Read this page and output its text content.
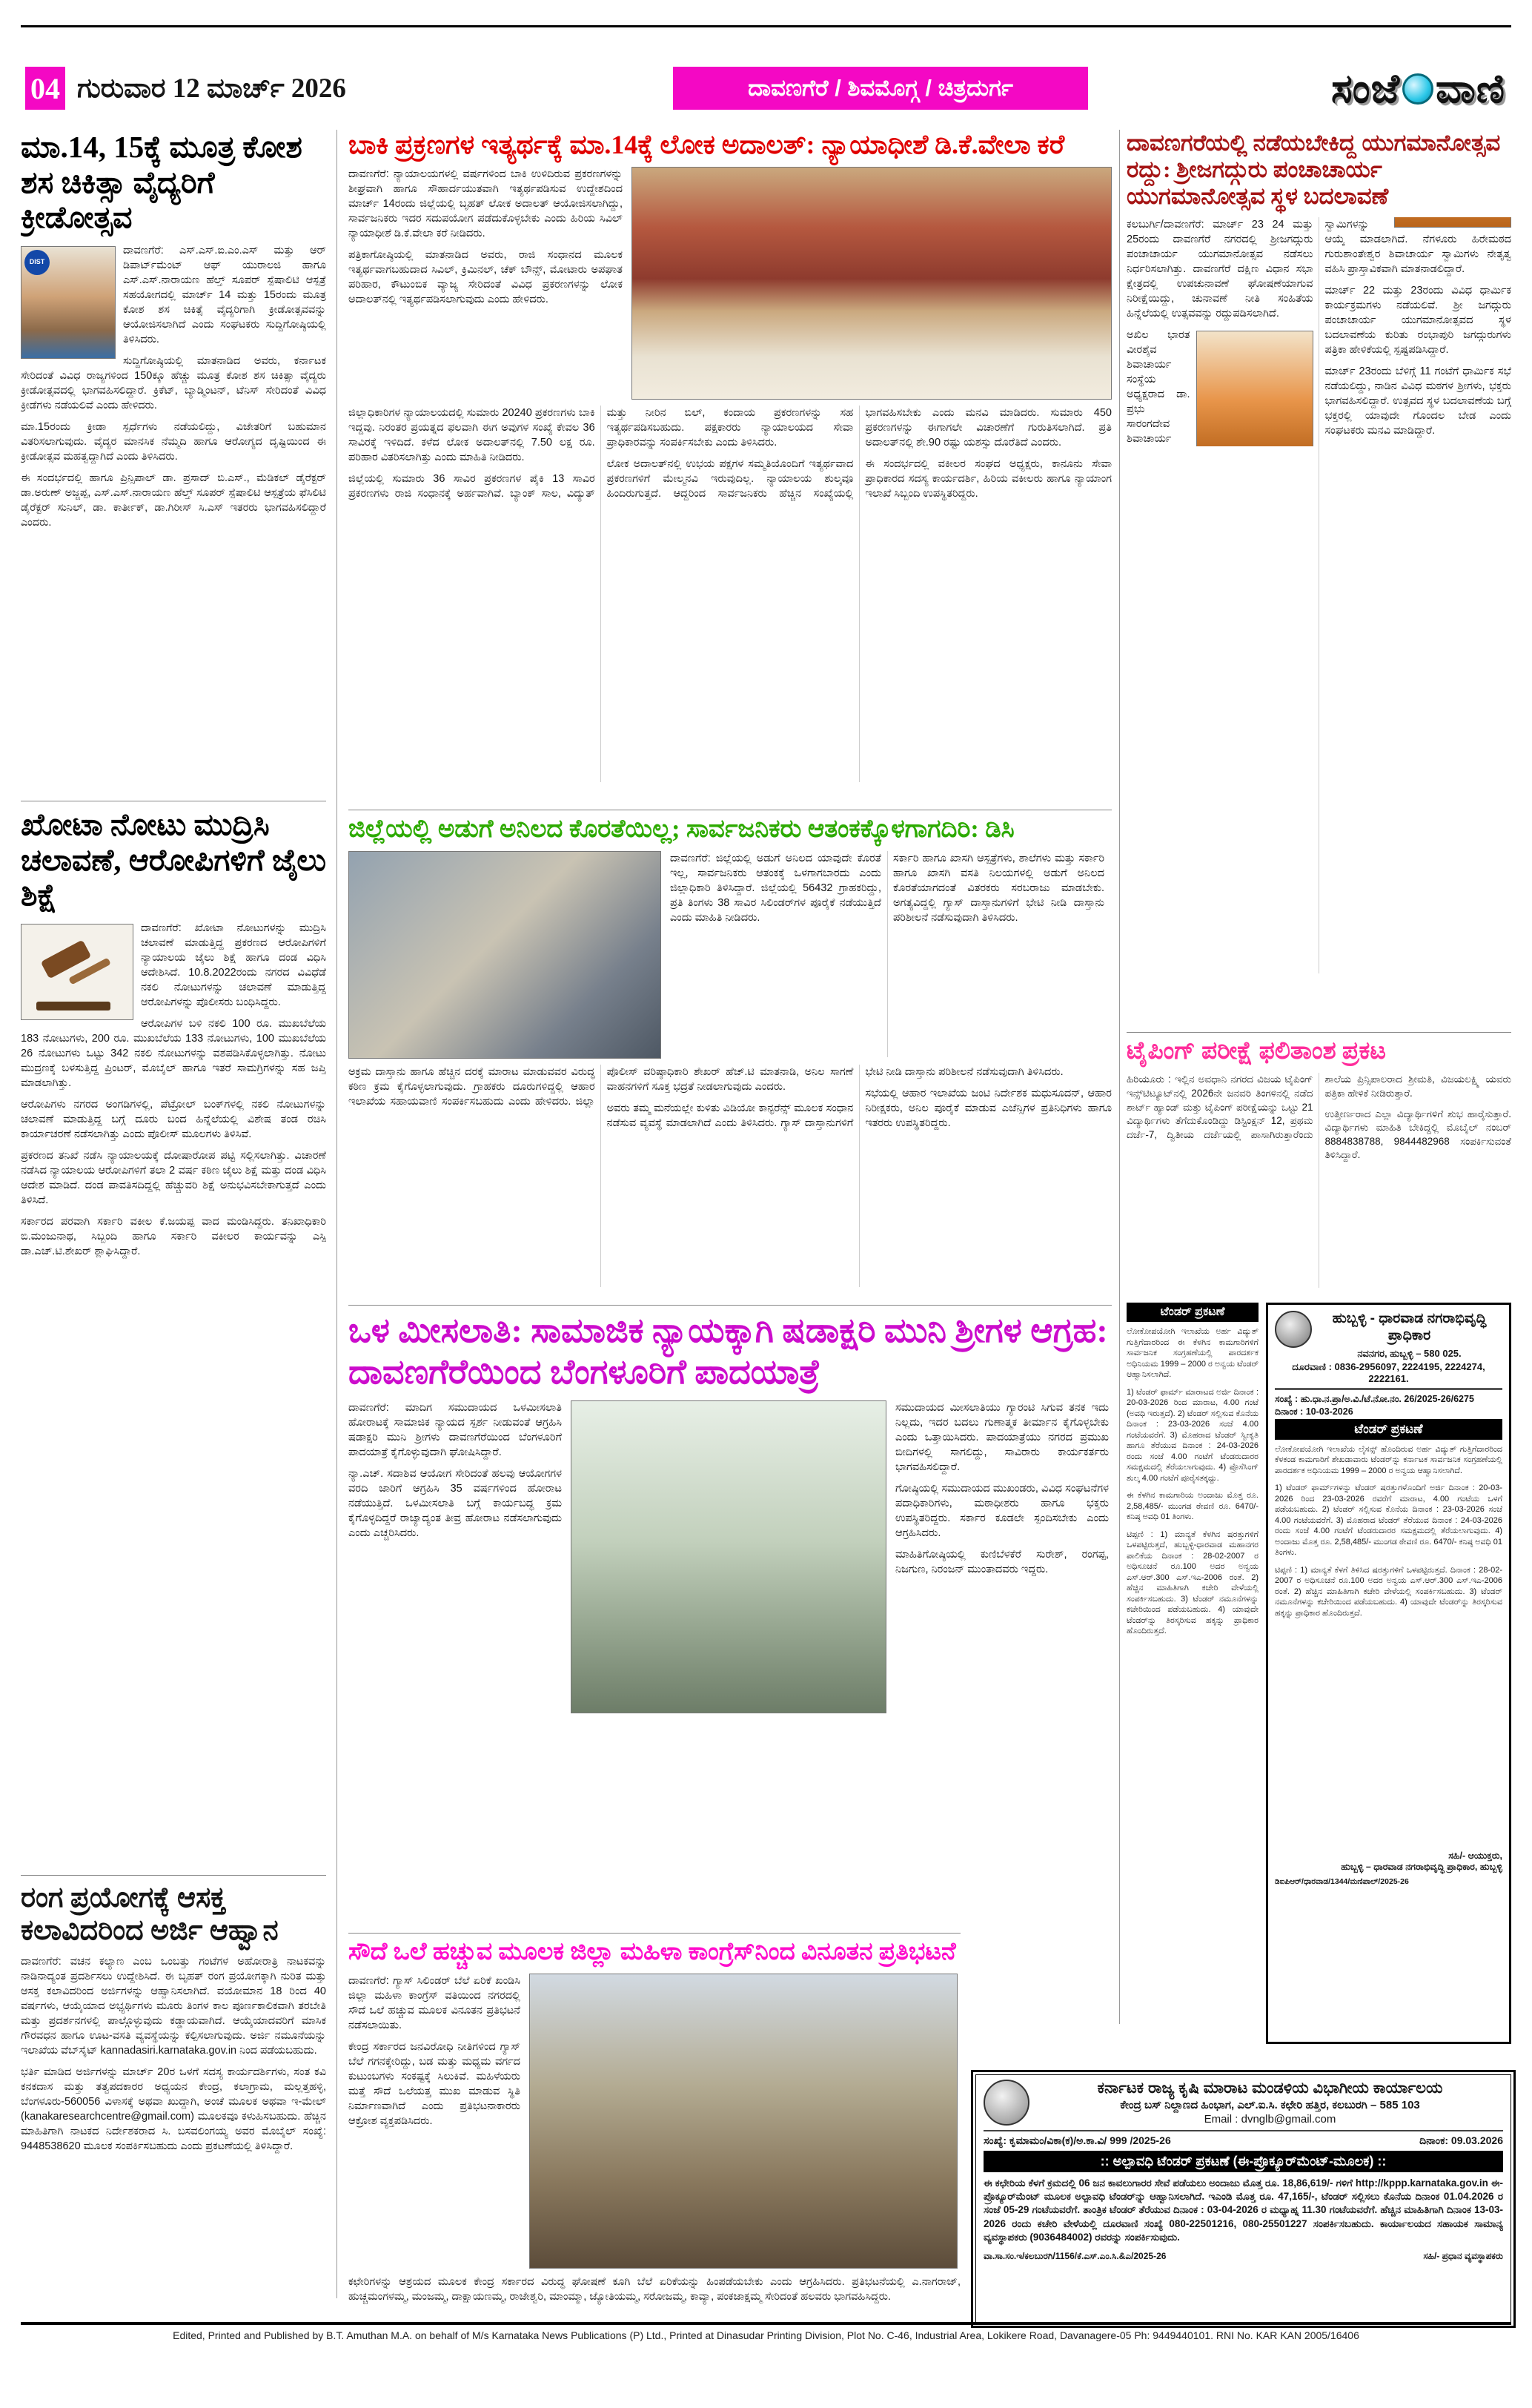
04 ಗುರುವಾರ 12 ಮಾರ್ಚ್ 2026	ದಾವಣಗೆರೆ / ಶಿವಮೊಗ್ಗ / ಚಿತ್ರದುರ್ಗ	ಸಂಜೆ ವಾಣಿ
ಮಾ.14, 15ಕ್ಕೆ ಮೂತ್ರ ಕೋಶ ಶಸ ಚಿಕಿತ್ಸಾ ವೈದ್ಯರಿಗೆ ಕ್ರೀಡೋತ್ಸವ
DIST

ದಾವಣಗೆರೆ: ಎಸ್.ಎಸ್.ಐ.ಎಂ.ಎಸ್ ಮತ್ತು ಆರ್ ಡಿಪಾರ್ಟ್‌ಮೆಂಟ್ ಆಫ್ ಯುರಾಲಜಿ ಹಾಗೂ ಎಸ್.ಎಸ್.ನಾರಾಯಣ ಹೆಲ್ತ್ ಸೂಪರ್ ಸ್ಪೆಷಾಲಿಟಿ ಆಸ್ಪತ್ರೆ ಸಹಯೋಗದಲ್ಲಿ ಮಾರ್ಚ್ 14 ಮತ್ತು 15ರಂದು ಮೂತ್ರ ಕೋಶ ಶಸ ಚಿಕಿತ್ಸೆ ವೈದ್ಯರಿಗಾಗಿ ಕ್ರೀಡೋತ್ಸವವನ್ನು ಆಯೋಜಿಸಲಾಗಿದೆ ಎಂದು ಸಂಘಟಕರು ಸುದ್ದಿಗೋಷ್ಠಿಯಲ್ಲಿ ತಿಳಿಸಿದರು.

ಸುದ್ದಿಗೋಷ್ಠಿಯಲ್ಲಿ ಮಾತನಾಡಿದ ಅವರು, ಕರ್ನಾಟಕ ಸೇರಿದಂತೆ ವಿವಿಧ ರಾಜ್ಯಗಳಿಂದ 150ಕ್ಕೂ ಹೆಚ್ಚು ಮೂತ್ರ ಕೋಶ ಶಸ ಚಿಕಿತ್ಸಾ ವೈದ್ಯರು ಕ್ರೀಡೋತ್ಸವದಲ್ಲಿ ಭಾಗವಹಿಸಲಿದ್ದಾರೆ. ಕ್ರಿಕೆಟ್, ಬ್ಯಾಡ್ಮಿಂಟನ್, ಟೆನಿಸ್ ಸೇರಿದಂತೆ ವಿವಿಧ ಕ್ರೀಡೆಗಳು ನಡೆಯಲಿವೆ ಎಂದು ಹೇಳಿದರು.

ಮಾ.15ರಂದು ಕ್ರೀಡಾ ಸ್ಪರ್ಧೆಗಳು ನಡೆಯಲಿದ್ದು, ವಿಜೇತರಿಗೆ ಬಹುಮಾನ ವಿತರಿಸಲಾಗುವುದು. ವೈದ್ಯರ ಮಾನಸಿಕ ನೆಮ್ಮದಿ ಹಾಗೂ ಆರೋಗ್ಯದ ದೃಷ್ಟಿಯಿಂದ ಈ ಕ್ರೀಡೋತ್ಸವ ಮಹತ್ವದ್ದಾಗಿದೆ ಎಂದು ತಿಳಿಸಿದರು.

ಈ ಸಂದರ್ಭದಲ್ಲಿ ಹಾಗೂ ಪ್ರಿನ್ಸಿಪಾಲ್ ಡಾ. ಪ್ರಸಾದ್ ಬಿ.ಎಸ್., ಮೆಡಿಕಲ್ ಡೈರೆಕ್ಟರ್ ಡಾ.ಅರುಣ್ ಅಜ್ಜಪ್ಪ, ಎಸ್.ಎಸ್.ನಾರಾಯಣ ಹೆಲ್ತ್ ಸೂಪರ್ ಸ್ಪೆಷಾಲಿಟಿ ಆಸ್ಪತ್ರೆಯ ಫೆಸಿಲಿಟಿ ಡೈರೆಕ್ಟರ್ ಸುನಿಲ್, ಡಾ. ಕಾರ್ತೀಕ್, ಡಾ.ಗಿರೀಸ್ ಸಿ.ಎಸ್ ಇತರರು ಭಾಗವಹಿಸಲಿದ್ದಾರೆ ಎಂದರು.

ಖೋಟಾ ನೋಟು ಮುದ್ರಿಸಿ ಚಲಾವಣೆ, ಆರೋಪಿಗಳಿಗೆ ಜೈಲು ಶಿಕ್ಷೆ

ದಾವಣಗೆರೆ: ಖೋಟಾ ನೋಟುಗಳನ್ನು ಮುದ್ರಿಸಿ ಚಲಾವಣೆ ಮಾಡುತ್ತಿದ್ದ ಪ್ರಕರಣದ ಆರೋಪಿಗಳಿಗೆ ನ್ಯಾಯಾಲಯ ಜೈಲು ಶಿಕ್ಷೆ ಹಾಗೂ ದಂಡ ವಿಧಿಸಿ ಆದೇಶಿಸಿದೆ. 10.8.2022ರಂದು ನಗರದ ವಿವಿಧೆಡೆ ನಕಲಿ ನೋಟುಗಳನ್ನು ಚಲಾವಣೆ ಮಾಡುತ್ತಿದ್ದ ಆರೋಪಿಗಳನ್ನು ಪೊಲೀಸರು ಬಂಧಿಸಿದ್ದರು.

ಆರೋಪಿಗಳ ಬಳಿ ನಕಲಿ 100 ರೂ. ಮುಖಬೆಲೆಯ 183 ನೋಟುಗಳು, 200 ರೂ. ಮುಖಬೆಲೆಯ 133 ನೋಟುಗಳು, 100 ಮುಖಬೆಲೆಯ 26 ನೋಟುಗಳು ಒಟ್ಟು 342 ನಕಲಿ ನೋಟುಗಳನ್ನು ವಶಪಡಿಸಿಕೊಳ್ಳಲಾಗಿತ್ತು. ನೋಟು ಮುದ್ರಣಕ್ಕೆ ಬಳಸುತ್ತಿದ್ದ ಪ್ರಿಂಟರ್, ಮೊಬೈಲ್ ಹಾಗೂ ಇತರೆ ಸಾಮಗ್ರಿಗಳನ್ನು ಸಹ ಜಪ್ತಿ ಮಾಡಲಾಗಿತ್ತು.

ಆರೋಪಿಗಳು ನಗರದ ಅಂಗಡಿಗಳಲ್ಲಿ, ಪೆಟ್ರೋಲ್ ಬಂಕ್‌ಗಳಲ್ಲಿ ನಕಲಿ ನೋಟುಗಳನ್ನು ಚಲಾವಣೆ ಮಾಡುತ್ತಿದ್ದ ಬಗ್ಗೆ ದೂರು ಬಂದ ಹಿನ್ನೆಲೆಯಲ್ಲಿ ವಿಶೇಷ ತಂಡ ರಚಿಸಿ ಕಾರ್ಯಾಚರಣೆ ನಡೆಸಲಾಗಿತ್ತು ಎಂದು ಪೊಲೀಸ್ ಮೂಲಗಳು ತಿಳಿಸಿವೆ.

ಪ್ರಕರಣದ ತನಿಖೆ ನಡೆಸಿ ನ್ಯಾಯಾಲಯಕ್ಕೆ ದೋಷಾರೋಪ ಪಟ್ಟಿ ಸಲ್ಲಿಸಲಾಗಿತ್ತು. ವಿಚಾರಣೆ ನಡೆಸಿದ ನ್ಯಾಯಾಲಯ ಆರೋಪಿಗಳಿಗೆ ತಲಾ 2 ವರ್ಷ ಕಠಿಣ ಜೈಲು ಶಿಕ್ಷೆ ಮತ್ತು ದಂಡ ವಿಧಿಸಿ ಆದೇಶ ಮಾಡಿದೆ. ದಂಡ ಪಾವತಿಸದಿದ್ದಲ್ಲಿ ಹೆಚ್ಚುವರಿ ಶಿಕ್ಷೆ ಅನುಭವಿಸಬೇಕಾಗುತ್ತದೆ ಎಂದು ತಿಳಿಸಿದೆ.

ಸರ್ಕಾರದ ಪರವಾಗಿ ಸರ್ಕಾರಿ ವಕೀಲ ಕೆ.ಜಯಪ್ಪ ವಾದ ಮಂಡಿಸಿದ್ದರು. ತನಿಖಾಧಿಕಾರಿ ಬಿ.ಮಂಜುನಾಥ, ಸಿಬ್ಬಂದಿ ಹಾಗೂ ಸರ್ಕಾರಿ ವಕೀಲರ ಕಾರ್ಯವನ್ನು ಎಸ್ಪಿ ಡಾ.ಎಚ್.ಟಿ.ಶೇಖರ್ ಶ್ಲಾಘಿಸಿದ್ದಾರೆ.

ರಂಗ ಪ್ರಯೋಗಕ್ಕೆ ಆಸಕ್ತ ಕಲಾವಿದರಿಂದ ಅರ್ಜಿ ಆಹ್ವಾನ

ದಾವಣಗೆರೆ: ವಚನ ಕಲ್ಯಾಣ ಎಂಬ ಒಂಬತ್ತು ಗಂಟೆಗಳ ಅಹೋರಾತ್ರಿ ನಾಟಕವನ್ನು ನಾಡಿನಾದ್ಯಂತ ಪ್ರದರ್ಶಿಸಲು ಉದ್ದೇಶಿಸಿದೆ. ಈ ಬೃಹತ್ ರಂಗ ಪ್ರಯೋಗಕ್ಕಾಗಿ ನುರಿತ ಮತ್ತು ಆಸಕ್ತ ಕಲಾವಿದರಿಂದ ಅರ್ಜಿಗಳನ್ನು ಆಹ್ವಾನಿಸಲಾಗಿದೆ. ವಯೋಮಾನ 18 ರಿಂದ 40 ವರ್ಷಗಳು, ಆಯ್ಕೆಯಾದ ಅಭ್ಯರ್ಥಿಗಳು ಮೂರು ತಿಂಗಳ ಕಾಲ ಪೂರ್ಣಕಾಲಿಕವಾಗಿ ತರಬೇತಿ ಮತ್ತು ಪ್ರದರ್ಶನಗಳಲ್ಲಿ ಪಾಲ್ಗೊಳ್ಳುವುದು ಕಡ್ಡಾಯವಾಗಿದೆ. ಆಯ್ಕೆಯಾದವರಿಗೆ ಮಾಸಿಕ ಗೌರವಧನ ಹಾಗೂ ಊಟ-ವಸತಿ ವ್ಯವಸ್ಥೆಯನ್ನು ಕಲ್ಪಿಸಲಾಗುವುದು. ಅರ್ಜಿ ನಮೂನೆಯನ್ನು ಇಲಾಖೆಯ ವೆಬ್‌ಸೈಟ್ kannadasiri.karnataka.gov.in ನಿಂದ ಪಡೆಯಬಹುದು.

ಭರ್ತಿ ಮಾಡಿದ ಅರ್ಜಿಗಳನ್ನು ಮಾರ್ಚ್ 20ರ ಒಳಗೆ ಸದಸ್ಯ ಕಾರ್ಯದರ್ಶಿಗಳು, ಸಂತ ಕವಿ ಕನಕದಾಸ ಮತ್ತು ತತ್ವಪದಕಾರರ ಅಧ್ಯಯನ ಕೇಂದ್ರ, ಕಲಾಗ್ರಾಮ, ಮಲ್ಲತ್ತಹಳ್ಳಿ, ಬೆಂಗಳೂರು-560056 ವಿಳಾಸಕ್ಕೆ ಅಥವಾ ಖುದ್ದಾಗಿ, ಅಂಚೆ ಮೂಲಕ ಅಥವಾ ಇ-ಮೇಲ್ (kanakaresearchcentre@gmail.com) ಮೂಲಕವೂ ಕಳುಹಿಸಬಹುದು. ಹೆಚ್ಚಿನ ಮಾಹಿತಿಗಾಗಿ ನಾಟಕದ ನಿರ್ದೇಶಕರಾದ ಸಿ. ಬಸವಲಿಂಗಯ್ಯ ಅವರ ಮೊಬೈಲ್ ಸಂಖ್ಯೆ: 9448538620 ಮೂಲಕ ಸಂಪರ್ಕಿಸಬಹುದು ಎಂದು ಪ್ರಕಟಣೆಯಲ್ಲಿ ತಿಳಿಸಿದ್ದಾರೆ.

ಬಾಕಿ ಪ್ರಕ್ರಣಗಳ ಇತ್ಯರ್ಥಕ್ಕೆ ಮಾ.14ಕ್ಕೆ ಲೋಕ ಅದಾಲತ್: ನ್ಯಾಯಾಧೀಶೆ ಡಿ.ಕೆ.ವೇಲಾ ಕರೆ

ದಾವಣಗೆರೆ: ನ್ಯಾಯಾಲಯಗಳಲ್ಲಿ ವರ್ಷಗಳಿಂದ ಬಾಕಿ ಉಳಿದಿರುವ ಪ್ರಕರಣಗಳನ್ನು ಶೀಘ್ರವಾಗಿ ಹಾಗೂ ಸೌಹಾರ್ದಯುತವಾಗಿ ಇತ್ಯರ್ಥಪಡಿಸುವ ಉದ್ದೇಶದಿಂದ ಮಾರ್ಚ್ 14ರಂದು ಜಿಲ್ಲೆಯಲ್ಲಿ ಬೃಹತ್ ಲೋಕ ಅದಾಲತ್ ಆಯೋಜಿಸಲಾಗಿದ್ದು, ಸಾರ್ವಜನಿಕರು ಇದರ ಸದುಪಯೋಗ ಪಡೆದುಕೊಳ್ಳಬೇಕು ಎಂದು ಹಿರಿಯ ಸಿವಿಲ್ ನ್ಯಾಯಾಧೀಶೆ ಡಿ.ಕೆ.ವೇಲಾ ಕರೆ ನೀಡಿದರು.

ಪತ್ರಿಕಾಗೋಷ್ಠಿಯಲ್ಲಿ ಮಾತನಾಡಿದ ಅವರು, ರಾಜಿ ಸಂಧಾನದ ಮೂಲಕ ಇತ್ಯರ್ಥವಾಗಬಹುದಾದ ಸಿವಿಲ್, ಕ್ರಿಮಿನಲ್, ಚೆಕ್ ಬೌನ್ಸ್, ಮೋಟಾರು ಅಪಘಾತ ಪರಿಹಾರ, ಕೌಟುಂಬಿಕ ವ್ಯಾಜ್ಯ ಸೇರಿದಂತೆ ವಿವಿಧ ಪ್ರಕರಣಗಳನ್ನು ಲೋಕ ಅದಾಲತ್‌ನಲ್ಲಿ ಇತ್ಯರ್ಥಪಡಿಸಲಾಗುವುದು ಎಂದು ಹೇಳಿದರು.

ಜಿಲ್ಲಾಧಿಕಾರಿಗಳ ನ್ಯಾಯಾಲಯದಲ್ಲಿ ಸುಮಾರು 20240 ಪ್ರಕರಣಗಳು ಬಾಕಿ ಇದ್ದವು. ನಿರಂತರ ಪ್ರಯತ್ನದ ಫಲವಾಗಿ ಈಗ ಅವುಗಳ ಸಂಖ್ಯೆ ಕೇವಲ 36 ಸಾವಿರಕ್ಕೆ ಇಳಿದಿದೆ. ಕಳೆದ ಲೋಕ ಅದಾಲತ್‌ನಲ್ಲಿ 7.50 ಲಕ್ಷ ರೂ. ಪರಿಹಾರ ವಿತರಿಸಲಾಗಿತ್ತು ಎಂದು ಮಾಹಿತಿ ನೀಡಿದರು.

ಜಿಲ್ಲೆಯಲ್ಲಿ ಸುಮಾರು 36 ಸಾವಿರ ಪ್ರಕರಣಗಳ ಪೈಕಿ 13 ಸಾವಿರ ಪ್ರಕರಣಗಳು ರಾಜಿ ಸಂಧಾನಕ್ಕೆ ಅರ್ಹವಾಗಿವೆ. ಬ್ಯಾಂಕ್ ಸಾಲ, ವಿದ್ಯುತ್ ಮತ್ತು ನೀರಿನ ಬಿಲ್, ಕಂದಾಯ ಪ್ರಕರಣಗಳನ್ನು ಸಹ ಇತ್ಯರ್ಥಪಡಿಸಬಹುದು. ಪಕ್ಷಕಾರರು ನ್ಯಾಯಾಲಯದ ಸೇವಾ ಪ್ರಾಧಿಕಾರವನ್ನು ಸಂಪರ್ಕಿಸಬೇಕು ಎಂದು ತಿಳಿಸಿದರು.

ಲೋಕ ಅದಾಲತ್‌ನಲ್ಲಿ ಉಭಯ ಪಕ್ಷಗಳ ಸಮ್ಮತಿಯೊಂದಿಗೆ ಇತ್ಯರ್ಥವಾದ ಪ್ರಕರಣಗಳಿಗೆ ಮೇಲ್ಮನವಿ ಇರುವುದಿಲ್ಲ. ನ್ಯಾಯಾಲಯ ಶುಲ್ಕವೂ ಹಿಂದಿರುಗುತ್ತದೆ. ಆದ್ದರಿಂದ ಸಾರ್ವಜನಿಕರು ಹೆಚ್ಚಿನ ಸಂಖ್ಯೆಯಲ್ಲಿ ಭಾಗವಹಿಸಬೇಕು ಎಂದು ಮನವಿ ಮಾಡಿದರು. ಸುಮಾರು 450 ಪ್ರಕರಣಗಳನ್ನು ಈಗಾಗಲೇ ವಿಚಾರಣೆಗೆ ಗುರುತಿಸಲಾಗಿದೆ. ಪ್ರತಿ ಅದಾಲತ್‌ನಲ್ಲಿ ಶೇ.90 ರಷ್ಟು ಯಶಸ್ಸು ದೊರೆತಿದೆ ಎಂದರು.

ಈ ಸಂದರ್ಭದಲ್ಲಿ ವಕೀಲರ ಸಂಘದ ಅಧ್ಯಕ್ಷರು, ಕಾನೂನು ಸೇವಾ ಪ್ರಾಧಿಕಾರದ ಸದಸ್ಯ ಕಾರ್ಯದರ್ಶಿ, ಹಿರಿಯ ವಕೀಲರು ಹಾಗೂ ನ್ಯಾಯಾಂಗ ಇಲಾಖೆ ಸಿಬ್ಬಂದಿ ಉಪಸ್ಥಿತರಿದ್ದರು.

ಜಿಲ್ಲೆಯಲ್ಲಿ ಅಡುಗೆ ಅನಿಲದ ಕೊರತೆಯಿಲ್ಲ; ಸಾರ್ವಜನಿಕರು ಆತಂಕಕ್ಕೊಳಗಾಗದಿರಿ: ಡಿಸಿ

ದಾವಣಗೆರೆ: ಜಿಲ್ಲೆಯಲ್ಲಿ ಅಡುಗೆ ಅನಿಲದ ಯಾವುದೇ ಕೊರತೆ ಇಲ್ಲ, ಸಾರ್ವಜನಿಕರು ಆತಂಕಕ್ಕೆ ಒಳಗಾಗಬಾರದು ಎಂದು ಜಿಲ್ಲಾಧಿಕಾರಿ ತಿಳಿಸಿದ್ದಾರೆ. ಜಿಲ್ಲೆಯಲ್ಲಿ 56432 ಗ್ರಾಹಕರಿದ್ದು, ಪ್ರತಿ ತಿಂಗಳು 38 ಸಾವಿರ ಸಿಲಿಂಡರ್‌ಗಳ ಪೂರೈಕೆ ನಡೆಯುತ್ತಿದೆ ಎಂದು ಮಾಹಿತಿ ನೀಡಿದರು.

ಸರ್ಕಾರಿ ಹಾಗೂ ಖಾಸಗಿ ಆಸ್ಪತ್ರೆಗಳು, ಶಾಲೆಗಳು ಮತ್ತು ಸರ್ಕಾರಿ ಹಾಗೂ ಖಾಸಗಿ ವಸತಿ ನಿಲಯಗಳಲ್ಲಿ ಅಡುಗೆ ಅನಿಲದ ಕೊರತೆಯಾಗದಂತೆ ವಿತರಕರು ಸರಬರಾಜು ಮಾಡಬೇಕು. ಅಗತ್ಯವಿದ್ದಲ್ಲಿ ಗ್ಯಾಸ್ ದಾಸ್ತಾನುಗಳಿಗೆ ಭೇಟಿ ನೀಡಿ ದಾಸ್ತಾನು ಪರಿಶೀಲನೆ ನಡೆಸುವುದಾಗಿ ತಿಳಿಸಿದರು.

ಅಕ್ರಮ ದಾಸ್ತಾನು ಹಾಗೂ ಹೆಚ್ಚಿನ ದರಕ್ಕೆ ಮಾರಾಟ ಮಾಡುವವರ ವಿರುದ್ಧ ಕಠಿಣ ಕ್ರಮ ಕೈಗೊಳ್ಳಲಾಗುವುದು. ಗ್ರಾಹಕರು ದೂರುಗಳಿದ್ದಲ್ಲಿ ಆಹಾರ ಇಲಾಖೆಯ ಸಹಾಯವಾಣಿ ಸಂಪರ್ಕಿಸಬಹುದು ಎಂದು ಹೇಳಿದರು. ಜಿಲ್ಲಾ ಪೊಲೀಸ್ ವರಿಷ್ಠಾಧಿಕಾರಿ ಶೇಖರ್ ಹೆಚ್.ಟಿ ಮಾತನಾಡಿ, ಅನಿಲ ಸಾಗಣೆ ವಾಹನಗಳಿಗೆ ಸೂಕ್ತ ಭದ್ರತೆ ನೀಡಲಾಗುವುದು ಎಂದರು.

ಅವರು ತಮ್ಮ ಮನೆಯಲ್ಲೇ ಕುಳಿತು ವಿಡಿಯೋ ಕಾನ್ಫರೆನ್ಸ್ ಮೂಲಕ ಸಂಧಾನ ನಡೆಸುವ ವ್ಯವಸ್ಥೆ ಮಾಡಲಾಗಿದೆ ಎಂದು ತಿಳಿಸಿದರು. ಗ್ಯಾಸ್ ದಾಸ್ತಾನುಗಳಿಗೆ ಭೇಟಿ ನೀಡಿ ದಾಸ್ತಾನು ಪರಿಶೀಲನೆ ನಡೆಸುವುದಾಗಿ ತಿಳಿಸಿದರು.

ಸಭೆಯಲ್ಲಿ ಆಹಾರ ಇಲಾಖೆಯ ಜಂಟಿ ನಿರ್ದೇಶಕ ಮಧುಸೂದನ್, ಆಹಾರ ನಿರೀಕ್ಷಕರು, ಅನಿಲ ಪೂರೈಕೆ ಮಾಡುವ ಎಜೆನ್ಸಿಗಳ ಪ್ರತಿನಿಧಿಗಳು ಹಾಗೂ ಇತರರು ಉಪಸ್ಥಿತರಿದ್ದರು.

ಒಳ ಮೀಸಲಾತಿ: ಸಾಮಾಜಿಕ ನ್ಯಾಯಕ್ಕಾಗಿ ಷಡಾಕ್ಷರಿ ಮುನಿ ಶ್ರೀಗಳ ಆಗ್ರಹ: ದಾವಣಗೆರೆಯಿಂದ ಬೆಂಗಳೂರಿಗೆ ಪಾದಯಾತ್ರೆ

ದಾವಣಗೆರೆ: ಮಾದಿಗ ಸಮುದಾಯದ ಒಳಮೀಸಲಾತಿ ಹೋರಾಟಕ್ಕೆ ಸಾಮಾಜಿಕ ನ್ಯಾಯದ ಸ್ಪರ್ಶ ನೀಡುವಂತೆ ಆಗ್ರಹಿಸಿ ಷಡಾಕ್ಷರಿ ಮುನಿ ಶ್ರೀಗಳು ದಾವಣಗೆರೆಯಿಂದ ಬೆಂಗಳೂರಿಗೆ ಪಾದಯಾತ್ರೆ ಕೈಗೊಳ್ಳುವುದಾಗಿ ಘೋಷಿಸಿದ್ದಾರೆ.

ನ್ಯಾ.ಎಚ್. ಸದಾಶಿವ ಆಯೋಗ ಸೇರಿದಂತೆ ಹಲವು ಆಯೋಗಗಳ ವರದಿ ಜಾರಿಗೆ ಆಗ್ರಹಿಸಿ 35 ವರ್ಷಗಳಿಂದ ಹೋರಾಟ ನಡೆಯುತ್ತಿದೆ. ಒಳಮೀಸಲಾತಿ ಬಗ್ಗೆ ಕಾರ್ಯಬದ್ಧ ಕ್ರಮ ಕೈಗೊಳ್ಳದಿದ್ದರೆ ರಾಜ್ಯಾದ್ಯಂತ ತೀವ್ರ ಹೋರಾಟ ನಡೆಸಲಾಗುವುದು ಎಂದು ಎಚ್ಚರಿಸಿದರು.

ಸಮುದಾಯದ ಮೀಸಲಾತಿಯು ಗ್ಯಾರಂಟಿ ಸಿಗುವ ತನಕ ಇದು ನಿಲ್ಲದು, ಇದರ ಬದಲು ಗುಣಾತ್ಮಕ ತೀರ್ಮಾನ ಕೈಗೊಳ್ಳಬೇಕು ಎಂದು ಒತ್ತಾಯಿಸಿದರು. ಪಾದಯಾತ್ರೆಯು ನಗರದ ಪ್ರಮುಖ ಬೀದಿಗಳಲ್ಲಿ ಸಾಗಲಿದ್ದು, ಸಾವಿರಾರು ಕಾರ್ಯಕರ್ತರು ಭಾಗವಹಿಸಲಿದ್ದಾರೆ.

ಗೋಷ್ಠಿಯಲ್ಲಿ ಸಮುದಾಯದ ಮುಖಂಡರು, ವಿವಿಧ ಸಂಘಟನೆಗಳ ಪದಾಧಿಕಾರಿಗಳು, ಮಠಾಧೀಶರು ಹಾಗೂ ಭಕ್ತರು ಉಪಸ್ಥಿತರಿದ್ದರು. ಸರ್ಕಾರ ಕೂಡಲೇ ಸ್ಪಂದಿಸಬೇಕು ಎಂದು ಆಗ್ರಹಿಸಿದರು.

ಮಾಹಿತಿಗೋಷ್ಠಿಯಲ್ಲಿ ಕುಣಿಬೆಳಕೆರೆ ಸುರೇಶ್, ರಂಗಪ್ಪ, ನಿಜಗುಣ, ನಿರಂಜನ್ ಮುಂತಾದವರು ಇದ್ದರು.

ಸೌದೆ ಒಲೆ ಹಚ್ಚುವ ಮೂಲಕ ಜಿಲ್ಲಾ ಮಹಿಳಾ ಕಾಂಗ್ರೆಸ್‌ನಿಂದ ವಿನೂತನ ಪ್ರತಿಭಟನೆ

ದಾವಣಗೆರೆ: ಗ್ಯಾಸ್ ಸಿಲಿಂಡರ್ ಬೆಲೆ ಏರಿಕೆ ಖಂಡಿಸಿ ಜಿಲ್ಲಾ ಮಹಿಳಾ ಕಾಂಗ್ರೆಸ್ ವತಿಯಿಂದ ನಗರದಲ್ಲಿ ಸೌದೆ ಒಲೆ ಹಚ್ಚುವ ಮೂಲಕ ವಿನೂತನ ಪ್ರತಿಭಟನೆ ನಡೆಸಲಾಯಿತು.

ಕೇಂದ್ರ ಸರ್ಕಾರದ ಜನವಿರೋಧಿ ನೀತಿಗಳಿಂದ ಗ್ಯಾಸ್ ಬೆಲೆ ಗಗನಕ್ಕೇರಿದ್ದು, ಬಡ ಮತ್ತು ಮಧ್ಯಮ ವರ್ಗದ ಕುಟುಂಬಗಳು ಸಂಕಷ್ಟಕ್ಕೆ ಸಿಲುಕಿವೆ. ಮಹಿಳೆಯರು ಮತ್ತೆ ಸೌದೆ ಒಲೆಯತ್ತ ಮುಖ ಮಾಡುವ ಸ್ಥಿತಿ ನಿರ್ಮಾಣವಾಗಿದೆ ಎಂದು ಪ್ರತಿಭಟನಾಕಾರರು ಆಕ್ರೋಶ ವ್ಯಕ್ತಪಡಿಸಿದರು.

ಕಛೇರಿಗಳನ್ನು ಆಶ್ರಯದ ಮೂಲಕ ಕೇಂದ್ರ ಸರ್ಕಾರದ ವಿರುದ್ಧ ಘೋಷಣೆ ಕೂಗಿ ಬೆಲೆ ಏರಿಕೆಯನ್ನು ಹಿಂಪಡೆಯಬೇಕು ಎಂದು ಆಗ್ರಹಿಸಿದರು. ಪ್ರತಿಭಟನೆಯಲ್ಲಿ ಎ.ನಾಗರಾಜ್, ಹುಚ್ಚಮಂಗಳಮ್ಮ, ಮಂಜಮ್ಮ, ದಾಕ್ಷಾಯಣಮ್ಮ, ರಾಜೇಶ್ವರಿ, ಮಾಂಮ್ಮಾ, ಜ್ಯೋತಿಯಮ್ಮ, ಸರೋಜಮ್ಮ, ಕಾವ್ಯಾ, ಪಂಕಜಾಕ್ಷಮ್ಮ ಸೇರಿದಂತೆ ಹಲವರು ಭಾಗವಹಿಸಿದ್ದರು.

ದಾವಣಗರೆಯಲ್ಲಿ ನಡೆಯಬೇಕಿದ್ದ ಯುಗಮಾನೋತ್ಸವ ರದ್ದು: ಶ್ರೀಜಗದ್ಗುರು ಪಂಚಾಚಾರ್ಯ ಯುಗಮಾನೋತ್ಸವ ಸ್ಥಳ ಬದಲಾವಣೆ

ಕಲಬುರ್ಗಿ/ದಾವಣಗೆರೆ: ಮಾರ್ಚ್ 23 24 ಮತ್ತು 25ರಂದು ದಾವಣಗೆರೆ ನಗರದಲ್ಲಿ ಶ್ರೀಜಗದ್ಗುರು ಪಂಚಾಚಾರ್ಯ ಯುಗಮಾನೋತ್ಸವ ನಡೆಸಲು ನಿರ್ಧರಿಸಲಾಗಿತ್ತು. ದಾವಣಗೆರೆ ದಕ್ಷಿಣ ವಿಧಾನ ಸಭಾ ಕ್ಷೇತ್ರದಲ್ಲಿ ಉಪಚುನಾವಣೆ ಘೋಷಣೆಯಾಗುವ ನಿರೀಕ್ಷೆಯಿದ್ದು, ಚುನಾವಣೆ ನೀತಿ ಸಂಹಿತೆಯ ಹಿನ್ನೆಲೆಯಲ್ಲಿ ಉತ್ಸವವನ್ನು ರದ್ದುಪಡಿಸಲಾಗಿದೆ.

ಅಖಿಲ ಭಾರತ ವೀರಶೈವ ಶಿವಾಚಾರ್ಯ ಸಂಸ್ಥೆಯ ಅಧ್ಯಕ್ಷರಾದ ಡಾ. ಪ್ರಭು ಸಾರಂಗದೇವ ಶಿವಾಚಾರ್ಯ ಸ್ವಾಮಿಗಳನ್ನು ಆಯ್ಕೆ ಮಾಡಲಾಗಿದೆ. ನೆಗಳೂರು ಹಿರೇಮಠದ ಗುರುಶಾಂತೇಶ್ವರ ಶಿವಾಚಾರ್ಯ ಸ್ವಾಮಿಗಳು ನೇತೃತ್ವ ವಹಿಸಿ ಪ್ರಾಸ್ತಾವಿಕವಾಗಿ ಮಾತನಾಡಲಿದ್ದಾರೆ.

ಮಾರ್ಚ್ 22 ಮತ್ತು 23ರಂದು ವಿವಿಧ ಧಾರ್ಮಿಕ ಕಾರ್ಯಕ್ರಮಗಳು ನಡೆಯಲಿವೆ. ಶ್ರೀ ಜಗದ್ಗುರು ಪಂಚಾಚಾರ್ಯ ಯುಗಮಾನೋತ್ಸವದ ಸ್ಥಳ ಬದಲಾವಣೆಯ ಕುರಿತು ರಂಭಾಪುರಿ ಜಗದ್ಗುರುಗಳು ಪತ್ರಿಕಾ ಹೇಳಿಕೆಯಲ್ಲಿ ಸ್ಪಷ್ಟಪಡಿಸಿದ್ದಾರೆ.

ಮಾರ್ಚ್ 23ರಂದು ಬೆಳಿಗ್ಗೆ 11 ಗಂಟೆಗೆ ಧಾರ್ಮಿಕ ಸಭೆ ನಡೆಯಲಿದ್ದು, ನಾಡಿನ ವಿವಿಧ ಮಠಗಳ ಶ್ರೀಗಳು, ಭಕ್ತರು ಭಾಗವಹಿಸಲಿದ್ದಾರೆ. ಉತ್ಸವದ ಸ್ಥಳ ಬದಲಾವಣೆಯ ಬಗ್ಗೆ ಭಕ್ತರಲ್ಲಿ ಯಾವುದೇ ಗೊಂದಲ ಬೇಡ ಎಂದು ಸಂಘಟಕರು ಮನವಿ ಮಾಡಿದ್ದಾರೆ.

ಟೈಪಿಂಗ್ ಪರೀಕ್ಷೆ ಫಲಿತಾಂಶ ಪ್ರಕಟ

ಹಿರಿಯೂರು : ಇಲ್ಲಿನ ಅವಧಾನಿ ನಗರದ ವಿಜಯ ಟೈಪಿಂಗ್ ಇನ್ಸ್‌ಟಿಟ್ಯೂಟ್‌ನಲ್ಲಿ 2026ನೇ ಜನವರಿ ತಿಂಗಳಿನಲ್ಲಿ ನಡೆದ ಶಾರ್ಟ್ ಹ್ಯಾಂಡ್ ಮತ್ತು ಟೈಪಿಂಗ್ ಪರೀಕ್ಷೆಯನ್ನು ಒಟ್ಟು 21 ವಿದ್ಯಾರ್ಥಿಗಳು ತೆಗೆದುಕೊಂಡಿದ್ದು ಡಿಸ್ಟಿಂಕ್ಷನ್ 12, ಪ್ರಥಮ ದರ್ಜೆ-7, ದ್ವಿತೀಯ ದರ್ಜೆಯಲ್ಲಿ ಪಾಸಾಗಿರುತ್ತಾರೆಂದು ಶಾಲೆಯ ಪ್ರಿನ್ಸಿಪಾಲರಾದ ಶ್ರೀಮತಿ, ವಿಜಯಲಕ್ಷ್ಮಿ ಯವರು ಪತ್ರಿಕಾ ಹೇಳಿಕೆ ನೀಡಿರುತ್ತಾರೆ.

ಉತ್ತೀರ್ಣರಾದ ಎಲ್ಲಾ ವಿದ್ಯಾರ್ಥಿಗಳಿಗೆ ಶುಭ ಹಾರೈಸುತ್ತಾರೆ. ವಿದ್ಯಾರ್ಥಿಗಳು ಮಾಹಿತಿ ಬೇಕಿದ್ದಲ್ಲಿ ಮೊಬೈಲ್ ನಂಬರ್ 8884838788, 9844482968 ಸಂಪರ್ಕಿಸುವಂತೆ ತಿಳಿಸಿದ್ದಾರೆ.

ಟೆಂಡರ್ ಪ್ರಕಟಣೆ

ಲೋಕೋಪಯೋಗಿ ಇಲಾಖೆಯ ಅರ್ಹ ವಿದ್ಯುತ್ ಗುತ್ತಿಗೆದಾರರಿಂದ ಈ ಕೆಳಗಿನ ಕಾಮಗಾರಿಗಳಿಗೆ ಸಾರ್ವಜನಿಕ ಸಂಗ್ರಹಣೆಯಲ್ಲಿ ಪಾರದರ್ಶಕ ಅಧಿನಿಯಮ 1999 – 2000 ರ ಅನ್ವಯ ಟೆಂಡರ್ ಆಹ್ವಾನಿಸಲಾಗಿದೆ.

1) ಟೆಂಡರ್ ಫಾರ್ಮ್ ಮಾರಾಟದ ಅರ್ಜಿ ದಿನಾಂಕ : 20-03-2026 ರಿಂದ ಮಾರಾಟ, 4.00 ಗಂಟೆ (ಅವಧಿ ಇರುತ್ತದೆ). 2) ಟೆಂಡರ್ ಸಲ್ಲಿಸುವ ಕೊನೆಯ ದಿನಾಂಕ : 23-03-2026 ಸಂಜೆ 4.00 ಗಂಟೆಯವರೆಗೆ. 3) ಮೊಹರಾದ ಟೆಂಡರ್ ಸ್ವೀಕೃತಿ ಹಾಗೂ ತೆರೆಯುವ ದಿನಾಂಕ : 24-03-2026 ರಂದು ಸಂಜೆ 4.00 ಗಂಟೆಗೆ ಟೆಂಡರುದಾರರ ಸಮಕ್ಷಮದಲ್ಲಿ ತೆರೆಯಲಾಗುವುದು. 4) ಪ್ರೊಸೆಸಿಂಗ್ ಶುಲ್ಕ 4.00 ಗಂಟೆಗೆ ಪೂರೈಸತಕ್ಕದ್ದು.

ಈ ಕೆಳಗಿನ ಕಾಮಗಾರಿಯ ಅಂದಾಜು ಮೊತ್ತ ರೂ. 2,58,485/- ಮುಂಗಡ ಠೇವಣಿ ರೂ. 6470/- ಕನಿಷ್ಠ ಅವಧಿ 01 ತಿಂಗಳು.

ಟಿಪ್ಪಣಿ : 1) ಮಾನ್ಯತೆ ಕೆಳಗಿನ ಷರತ್ತುಗಳಿಗೆ ಒಳಪಟ್ಟಿರುತ್ತದೆ, ಹುಬ್ಬಳ್ಳಿ-ಧಾರವಾಡ ಮಹಾನಗರ ಪಾಲಿಕೆಯ ದಿನಾಂಕ : 28-02-2007 ರ ಅಧಿಸೂಚನೆ ರೂ.100 ಅದರ ಅನ್ವಯ ಎಸ್.ಆರ್.300 ಎಸ್.ಇಎ-2006 ರಂತೆ. 2) ಹೆಚ್ಚಿನ ಮಾಹಿತಿಗಾಗಿ ಕಚೇರಿ ವೇಳೆಯಲ್ಲಿ ಸಂಪರ್ಕಿಸಬಹುದು. 3) ಟೆಂಡರ್ ನಮೂನೆಗಳನ್ನು ಕಚೇರಿಯಿಂದ ಪಡೆಯಬಹುದು. 4) ಯಾವುದೇ ಟೆಂಡರ್‌ನ್ನು ತಿರಸ್ಕರಿಸುವ ಹಕ್ಕನ್ನು ಪ್ರಾಧಿಕಾರ ಹೊಂದಿರುತ್ತದೆ.

ಹುಬ್ಬಳ್ಳಿ - ಧಾರವಾಡ ನಗರಾಭಿವೃದ್ಧಿ ಪ್ರಾಧಿಕಾರ
ನವನಗರ, ಹುಬ್ಬಳ್ಳಿ – 580 025.
ದೂರವಾಣಿ : 0836-2956097, 2224195, 2224274, 2222161.
ಸಂಖ್ಯೆ : ಹು.ಧಾ.ನ.ಪ್ರಾ/ಅ.ವಿ./ಟೆ.ನೋ.ನಂ. 26/2025-26/6275
ದಿನಾಂಕ : 10-03-2026
ಟೆಂಡರ್ ಪ್ರಕಟಣೆ

ಲೋಕೋಪಯೋಗಿ ಇಲಾಖೆಯ ಲೈಸನ್ಸ್ ಹೊಂದಿರುವ ಅರ್ಹ ವಿದ್ಯುತ್ ಗುತ್ತಿಗೆದಾರರಿಂದ ಕೆಳಕಂಡ ಕಾಮಗಾರಿಗೆ ಶೇಖಡಾವಾರು ಟೆಂಡರ್‌ನ್ನು ಕರ್ನಾಟಕ ಸಾರ್ವಜನಿಕ ಸಂಗ್ರಹಣೆಯಲ್ಲಿ ಪಾರದರ್ಶಕ ಅಧಿನಿಯಮ 1999 – 2000 ರ ಅನ್ವಯ ಆಹ್ವಾನಿಸಲಾಗಿದೆ.

1) ಟೆಂಡರ್ ಫಾರ್ಮ್‌ಗಳನ್ನು ಟೆಂಡರ್ ಷರತ್ತುಗಳೊಂದಿಗೆ ಅರ್ಜಿ ದಿನಾಂಕ : 20-03-2026 ರಿಂದ 23-03-2026 ರವರೆಗೆ ಮಾರಾಟ, 4.00 ಗಂಟೆಯ ಒಳಗೆ ಪಡೆಯಬಹುದು. 2) ಟೆಂಡರ್ ಸಲ್ಲಿಸುವ ಕೊನೆಯ ದಿನಾಂಕ : 23-03-2026 ಸಂಜೆ 4.00 ಗಂಟೆಯವರೆಗೆ. 3) ಮೊಹರಾದ ಟೆಂಡರ್ ತೆರೆಯುವ ದಿನಾಂಕ : 24-03-2026 ರಂದು ಸಂಜೆ 4.00 ಗಂಟೆಗೆ ಟೆಂಡರುದಾರರ ಸಮಕ್ಷಮದಲ್ಲಿ ತೆರೆಯಲಾಗುವುದು. 4) ಅಂದಾಜು ಮೊತ್ತ ರೂ. 2,58,485/- ಮುಂಗಡ ಠೇವಣಿ ರೂ. 6470/- ಕನಿಷ್ಠ ಅವಧಿ 01 ತಿಂಗಳು.

ಟಿಪ್ಪಣಿ : 1) ಮಾನ್ಯತೆ ಕೆಳಗೆ ತಿಳಿಸಿದ ಷರತ್ತುಗಳಿಗೆ ಒಳಪಟ್ಟಿರುತ್ತದೆ. ದಿನಾಂಕ : 28-02-2007 ರ ಅಧಿಸೂಚನೆ ರೂ.100 ಅದರ ಅನ್ವಯ ಎಸ್.ಆರ್.300 ಎಸ್.ಇಎ-2006 ರಂತೆ. 2) ಹೆಚ್ಚಿನ ಮಾಹಿತಿಗಾಗಿ ಕಚೇರಿ ವೇಳೆಯಲ್ಲಿ ಸಂಪರ್ಕಿಸಬಹುದು. 3) ಟೆಂಡರ್ ನಮೂನೆಗಳನ್ನು ಕಚೇರಿಯಿಂದ ಪಡೆಯಬಹುದು. 4) ಯಾವುದೇ ಟೆಂಡರ್‌ನ್ನು ತಿರಸ್ಕರಿಸುವ ಹಕ್ಕನ್ನು ಪ್ರಾಧಿಕಾರ ಹೊಂದಿರುತ್ತದೆ.

ಸಹಿ/- ಆಯುಕ್ತರು,
ಹುಬ್ಬಳ್ಳಿ – ಧಾರವಾಡ ನಗರಾಭಿವೃದ್ಧಿ ಪ್ರಾಧಿಕಾರ, ಹುಬ್ಬಳ್ಳಿ
ಡಿಐಪಿಆರ್/ಧಾರವಾಡ/1344/ಮಣಿಪಾಲ್/2025-26
ಕರ್ನಾಟಕ ರಾಜ್ಯ ಕೃಷಿ ಮಾರಾಟ ಮಂಡಳಿಯ ವಿಭಾಗೀಯ ಕಾರ್ಯಾಲಯ
ಕೇಂದ್ರ ಬಸ್ ನಿಲ್ದಾಣದ ಹಿಂಭಾಗ, ಎಲ್.ಐ.ಸಿ. ಕಛೇರಿ ಹತ್ತಿರ, ಕಲಬುರಗಿ – 585 103
Email : dvnglb@gmail.com
ಸಂಖ್ಯೆ: ಕೃಮಾಮಂ/ವಿಕಾ(ಕ)/ಅ.ಕಾ.ವಿ/ 999 /2025-26	ದಿನಾಂಕ: 09.03.2026
:: ಅಲ್ಪಾವಧಿ ಟೆಂಡರ್ ಪ್ರಕಟಣೆ (ಈ-ಪ್ರೊಕ್ಯೂರ್‌ಮೆಂಟ್-ಮೂಲಕ) ::

ಈ ಕಛೇರಿಯ ಕೆಳಗೆ ಕ್ರಮದಲ್ಲಿ 06 ಜನ ಕಾವಲುಗಾರರ ಸೇವೆ ಪಡೆಯಲು ಅಂದಾಜು ಮೊತ್ತ ರೂ. 18,86,619/- ಗಳಿಗೆ http://kppp.karnataka.gov.in ಈ-ಪ್ರೊಕ್ಯೂರ್‌ಮೆಂಟ್ ಮೂಲಕ ಅಲ್ಪಾವಧಿ ಟೆಂಡರ್‌ನ್ನು ಆಹ್ವಾನಿಸಲಾಗಿದೆ. ಇಎಂಡಿ ಮೊತ್ತ ರೂ. 47,165/-, ಟೆಂಡರ್ ಸಲ್ಲಿಸಲು ಕೊನೆಯ ದಿನಾಂಕ 01.04.2026 ರ ಸಂಜೆ 05-29 ಗಂಟೆಯವರೆಗೆ. ತಾಂತ್ರಿಕ ಟೆಂಡರ್ ತೆರೆಯುವ ದಿನಾಂಕ : 03-04-2026 ರ ಮಧ್ಯಾಹ್ನ 11.30 ಗಂಟೆಯವರೆಗೆ. ಹೆಚ್ಚಿನ ಮಾಹಿತಿಗಾಗಿ ದಿನಾಂಕ 13-03-2026 ರಂದು ಕಚೇರಿ ವೇಳೆಯಲ್ಲಿ ದೂರವಾಣಿ ಸಂಖ್ಯೆ 080-22501216, 080-25501227 ಸಂಪರ್ಕಿಸಬಹುದು. ಕಾರ್ಯಾಲಯದ ಸಹಾಯಕ ಸಾಮಾನ್ಯ ವ್ಯವಸ್ಥಾಪಕರು (9036484002) ರವರನ್ನು ಸಂಪರ್ಕಿಸುವುದು.

ವಾ.ಸಾ.ಸಂ.ಇ/ಕಲಬುರಗಿ/1156/ಕೆ.ಎಸ್.ಎಂ.ಸಿ.&ಎ/2025-26	ಸಹಿ/- ಪ್ರಧಾನ ವ್ಯವಸ್ಥಾಪಕರು
Edited, Printed and Published by B.T. Amuthan M.A. on behalf of M/s Karnataka News Publications (P) Ltd., Printed at Dinasudar Printing Division, Plot No. C-46, Industrial Area, Lokikere Road, Davanagere-05 Ph: 9449440101. RNI No. KAR KAN 2005/16406
